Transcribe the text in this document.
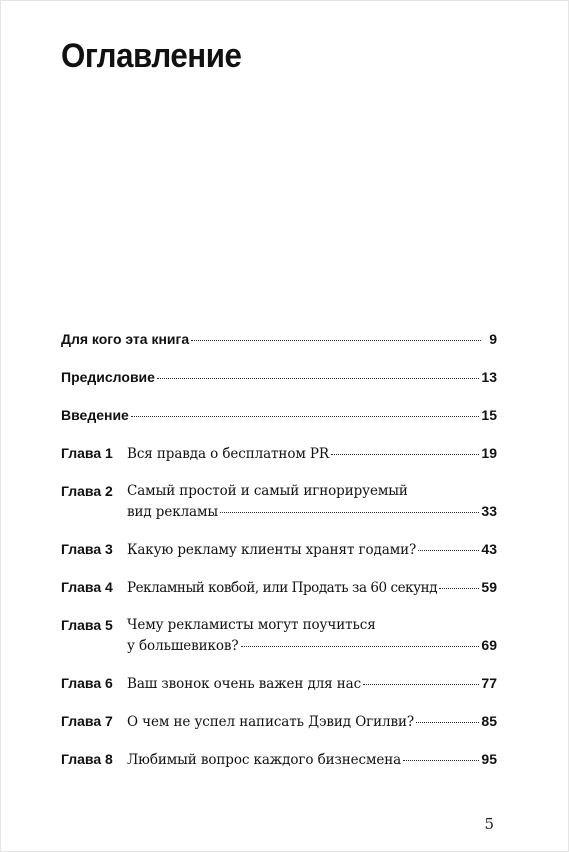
Оглавление
Для кого эта книга	9
Предисловие	13
Введение	15
Глава 1	Вся правда о бесплатном PR	19
Глава 2	Самый простой и самый игнорируемый
вид рекламы	33
Глава 3	Какую рекламу клиенты хранят годами?	43
Глава 4	Рекламный ковбой, или Продать за 60 секунд	59
Глава 5	Чему рекламисты могут поучиться
у большевиков?	69
Глава 6	Ваш звонок очень важен для нас	77
Глава 7	О чем не успел написать Дэвид Огилви?	85
Глава 8	Любимый вопрос каждого бизнесмена	95
5
